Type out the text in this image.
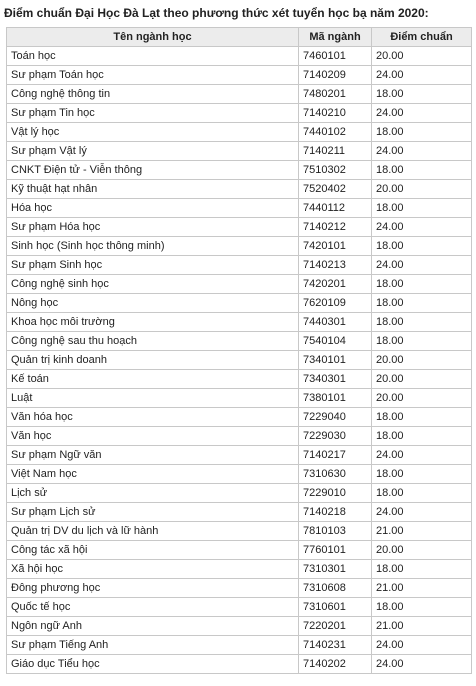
Điểm chuẩn Đại Học Đà Lạt theo phương thức xét tuyển học bạ năm 2020:
Tên ngành học	Mã ngành	Điểm chuẩn
Toán học	7460101	20.00
Sư phạm Toán học	7140209	24.00
Công nghệ thông tin	7480201	18.00
Sư phạm Tin học	7140210	24.00
Vật lý học	7440102	18.00
Sư phạm Vật lý	7140211	24.00
CNKT Điện tử - Viễn thông	7510302	18.00
Kỹ thuật hạt nhân	7520402	20.00
Hóa học	7440112	18.00
Sư phạm Hóa học	7140212	24.00
Sinh học (Sinh học thông minh)	7420101	18.00
Sư phạm Sinh học	7140213	24.00
Công nghệ sinh học	7420201	18.00
Nông học	7620109	18.00
Khoa học môi trường	7440301	18.00
Công nghệ sau thu hoạch	7540104	18.00
Quản trị kinh doanh	7340101	20.00
Kế toán	7340301	20.00
Luật	7380101	20.00
Văn hóa học	7229040	18.00
Văn học	7229030	18.00
Sư phạm Ngữ văn	7140217	24.00
Việt Nam học	7310630	18.00
Lịch sử	7229010	18.00
Sư phạm Lịch sử	7140218	24.00
Quản trị DV du lịch và lữ hành	7810103	21.00
Công tác xã hội	7760101	20.00
Xã hội học	7310301	18.00
Đông phương học	7310608	21.00
Quốc tế học	7310601	18.00
Ngôn ngữ Anh	7220201	21.00
Sư phạm Tiếng Anh	7140231	24.00
Giáo dục Tiểu học	7140202	24.00
